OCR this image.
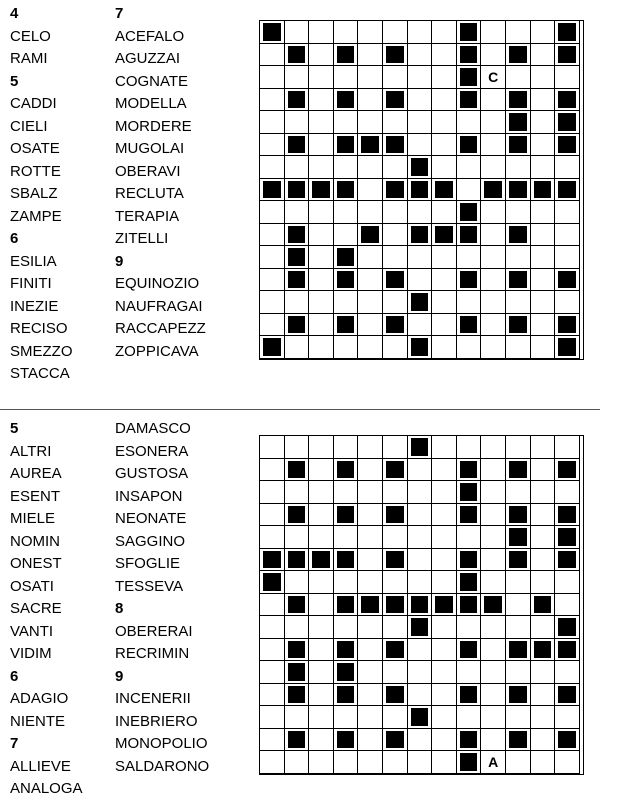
4
CELO
RAMI
5
CADDI
CIELI
OSATE
ROTTE
SBALZ
ZAMPE
6
ESILIA
FINITI
INEZIE
RECISO
SMEZZO
STACCA
7
ACEFALO
AGUZZAI
COGNATE
MODELLA
MORDERE
MUGOLAI
OBERAVI
RECLUTA
TERAPIA
ZITELLI
9
EQUINOZIO
NAUFRAGAI
RACCAPEZZ
ZOPPICAVA
C
5
ALTRI
AUREA
ESENT
MIELE
NOMIN
ONEST
OSATI
SACRE
VANTI
VIDIM
6
ADAGIO
NIENTE
7
ALLIEVE
ANALOGA
DAMASCO
ESONERA
GUSTOSA
INSAPON
NEONATE
SAGGINO
SFOGLIE
TESSEVA
8
OBERERAI
RECRIMIN
9
INCENERII
INEBRIERO
MONOPOLIO
SALDARONO	A
